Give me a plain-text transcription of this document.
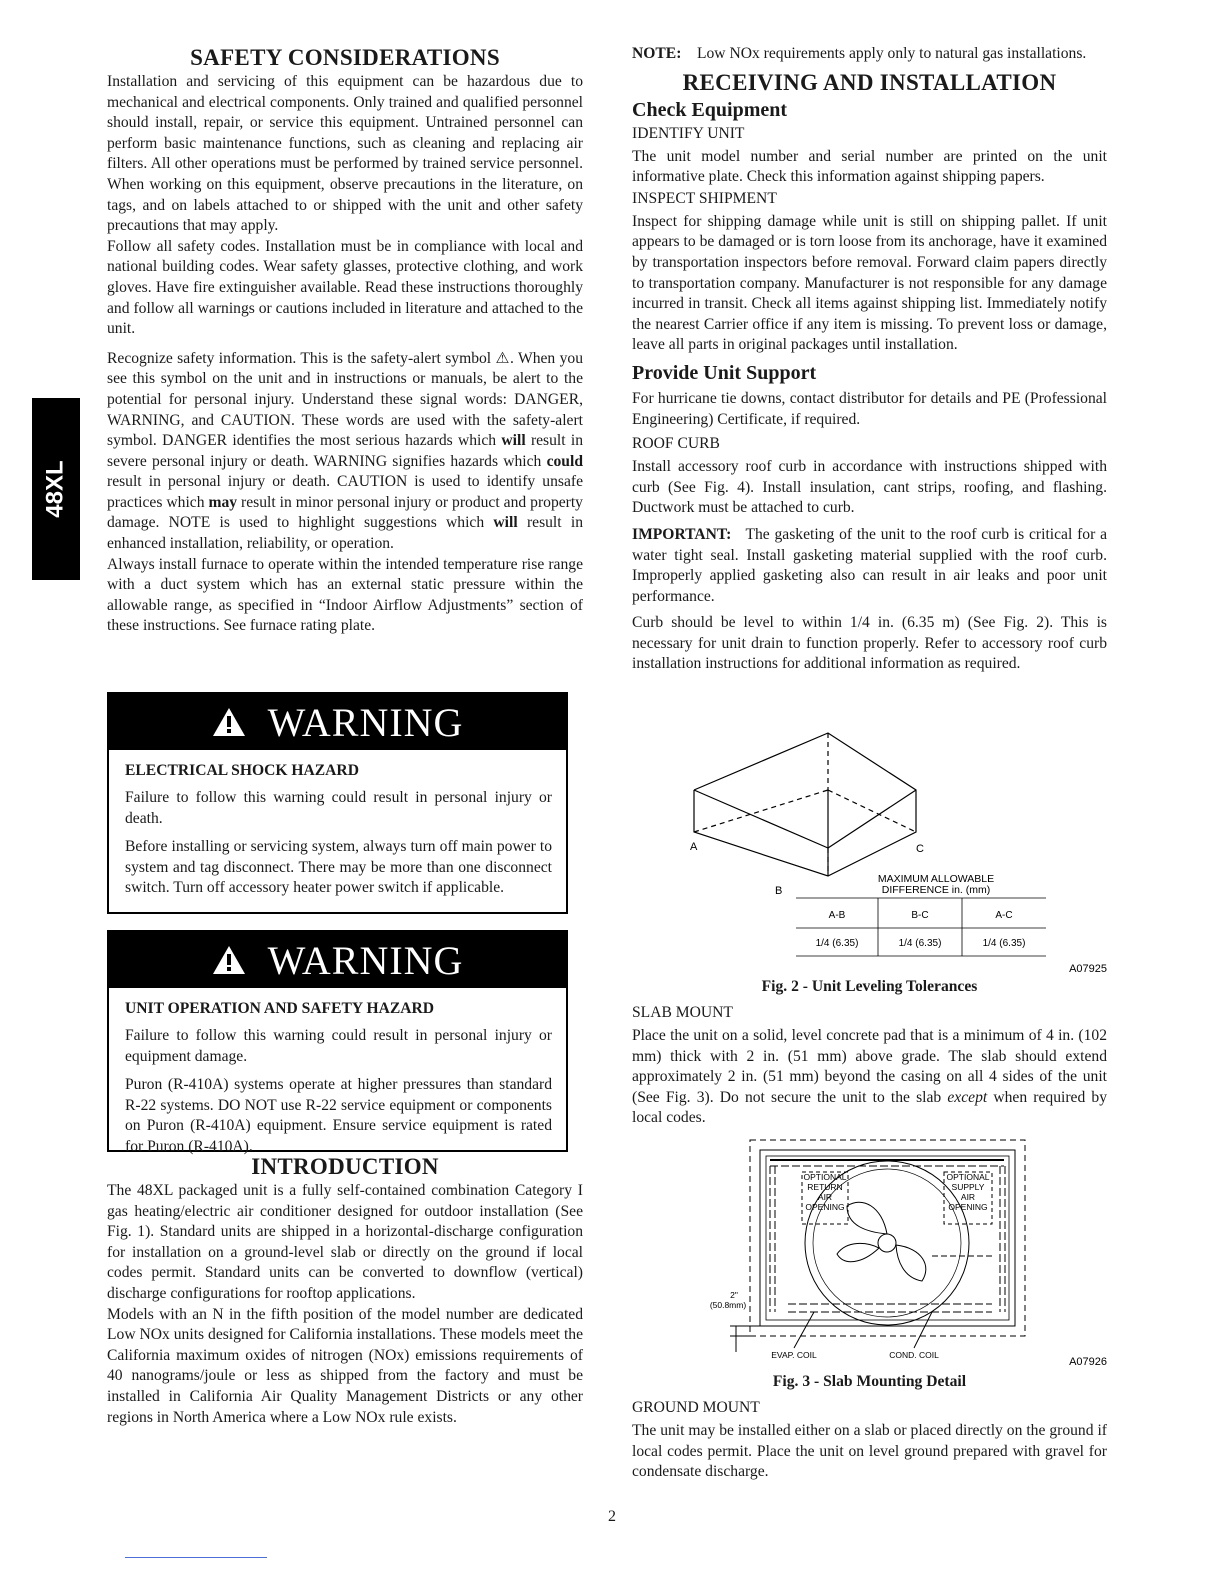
48XL
SAFETY CONSIDERATIONS

Installation and servicing of this equipment can be hazardous due to mechanical and electrical components. Only trained and qualified personnel should install, repair, or service this equipment. Untrained personnel can perform basic maintenance functions, such as cleaning and replacing air filters. All other operations must be performed by trained service personnel. When working on this equipment, observe precautions in the literature, on tags, and on labels attached to or shipped with the unit and other safety precautions that may apply.

Follow all safety codes. Installation must be in compliance with local and national building codes. Wear safety glasses, protective clothing, and work gloves. Have fire extinguisher available. Read these instructions thoroughly and follow all warnings or cautions included in literature and attached to the unit.

Recognize safety information. This is the safety-alert symbol ⚠. When you see this symbol on the unit and in instructions or manuals, be alert to the potential for personal injury. Understand these signal words: DANGER, WARNING, and CAUTION. These words are used with the safety-alert symbol. DANGER identifies the most serious hazards which will result in severe personal injury or death. WARNING signifies hazards which could result in personal injury or death. CAUTION is used to identify unsafe practices which may result in minor personal injury or product and property damage. NOTE is used to highlight suggestions which will result in enhanced installation, reliability, or operation.

Always install furnace to operate within the intended temperature rise range with a duct system which has an external static pressure within the allowable range, as specified in “Indoor Airflow Adjustments” section of these instructions. See furnace rating plate.

WARNING
ELECTRICAL SHOCK HAZARD

Failure to follow this warning could result in personal injury or death.

Before installing or servicing system, always turn off main power to system and tag disconnect. There may be more than one disconnect switch. Turn off accessory heater power switch if applicable.

WARNING
UNIT OPERATION AND SAFETY HAZARD

Failure to follow this warning could result in personal injury or equipment damage.

Puron (R-410A) systems operate at higher pressures than standard R-22 systems. DO NOT use R-22 service equipment or components on Puron (R-410A) equipment. Ensure service equipment is rated for Puron (R-410A).

INTRODUCTION

The 48XL packaged unit is a fully self-contained combination Category I gas heating/electric air conditioner designed for outdoor installation (See Fig. 1). Standard units are shipped in a horizontal-discharge configuration for installation on a ground-level slab or directly on the ground if local codes permit. Standard units can be converted to downflow (vertical) discharge configurations for rooftop applications.

Models with an N in the fifth position of the model number are dedicated Low NOx units designed for California installations. These models meet the California maximum oxides of nitrogen (NOx) emissions requirements of 40 nanograms/joule or less as shipped from the factory and must be installed in California Air Quality Management Districts or any other regions in North America where a Low NOx rule exists.

NOTE: Low NOx requirements apply only to natural gas installations.

RECEIVING AND INSTALLATION
Check Equipment
IDENTIFY UNIT

The unit model number and serial number are printed on the unit informative plate. Check this information against shipping papers.

INSPECT SHIPMENT

Inspect for shipping damage while unit is still on shipping pallet. If unit appears to be damaged or is torn loose from its anchorage, have it examined by transportation inspectors before removal. Forward claim papers directly to transportation company. Manufacturer is not responsible for any damage incurred in transit. Check all items against shipping list. Immediately notify the nearest Carrier office if any item is missing. To prevent loss or damage, leave all parts in original packages until installation.

Provide Unit Support

For hurricane tie downs, contact distributor for details and PE (Professional Engineering) Certificate, if required.

ROOF CURB

Install accessory roof curb in accordance with instructions shipped with curb (See Fig. 4). Install insulation, cant strips, roofing, and flashing. Ductwork must be attached to curb.

IMPORTANT: The gasketing of the unit to the roof curb is critical for a water tight seal. Install gasketing material supplied with the roof curb. Improperly applied gasketing also can result in air leaks and poor unit performance.

Curb should be level to within 1/4 in. (6.35 m) (See Fig. 2). This is necessary for unit drain to function properly. Refer to accessory roof curb installation instructions for additional information as required.

A
B
C
MAXIMUM ALLOWABLE
DIFFERENCE in. (mm)
A-B	B-C	A-C
1/4 (6.35)	1/4 (6.35)	1/4 (6.35)
A07925
Fig. 2 - Unit Leveling Tolerances
SLAB MOUNT

Place the unit on a solid, level concrete pad that is a minimum of 4 in. (102 mm) thick with 2 in. (51 mm) above grade. The slab should extend approximately 2 in. (51 mm) beyond the casing on all 4 sides of the unit (See Fig. 3). Do not secure the unit to the slab except when required by local codes.

OPTIONAL
RETURN
AIR
OPENING
OPTIONAL
SUPPLY
AIR
OPENING
2"
(50.8mm)
EVAP. COIL	COND. COIL
A07926
Fig. 3 - Slab Mounting Detail
GROUND MOUNT

The unit may be installed either on a slab or placed directly on the ground if local codes permit. Place the unit on level ground prepared with gravel for condensate discharge.

2
